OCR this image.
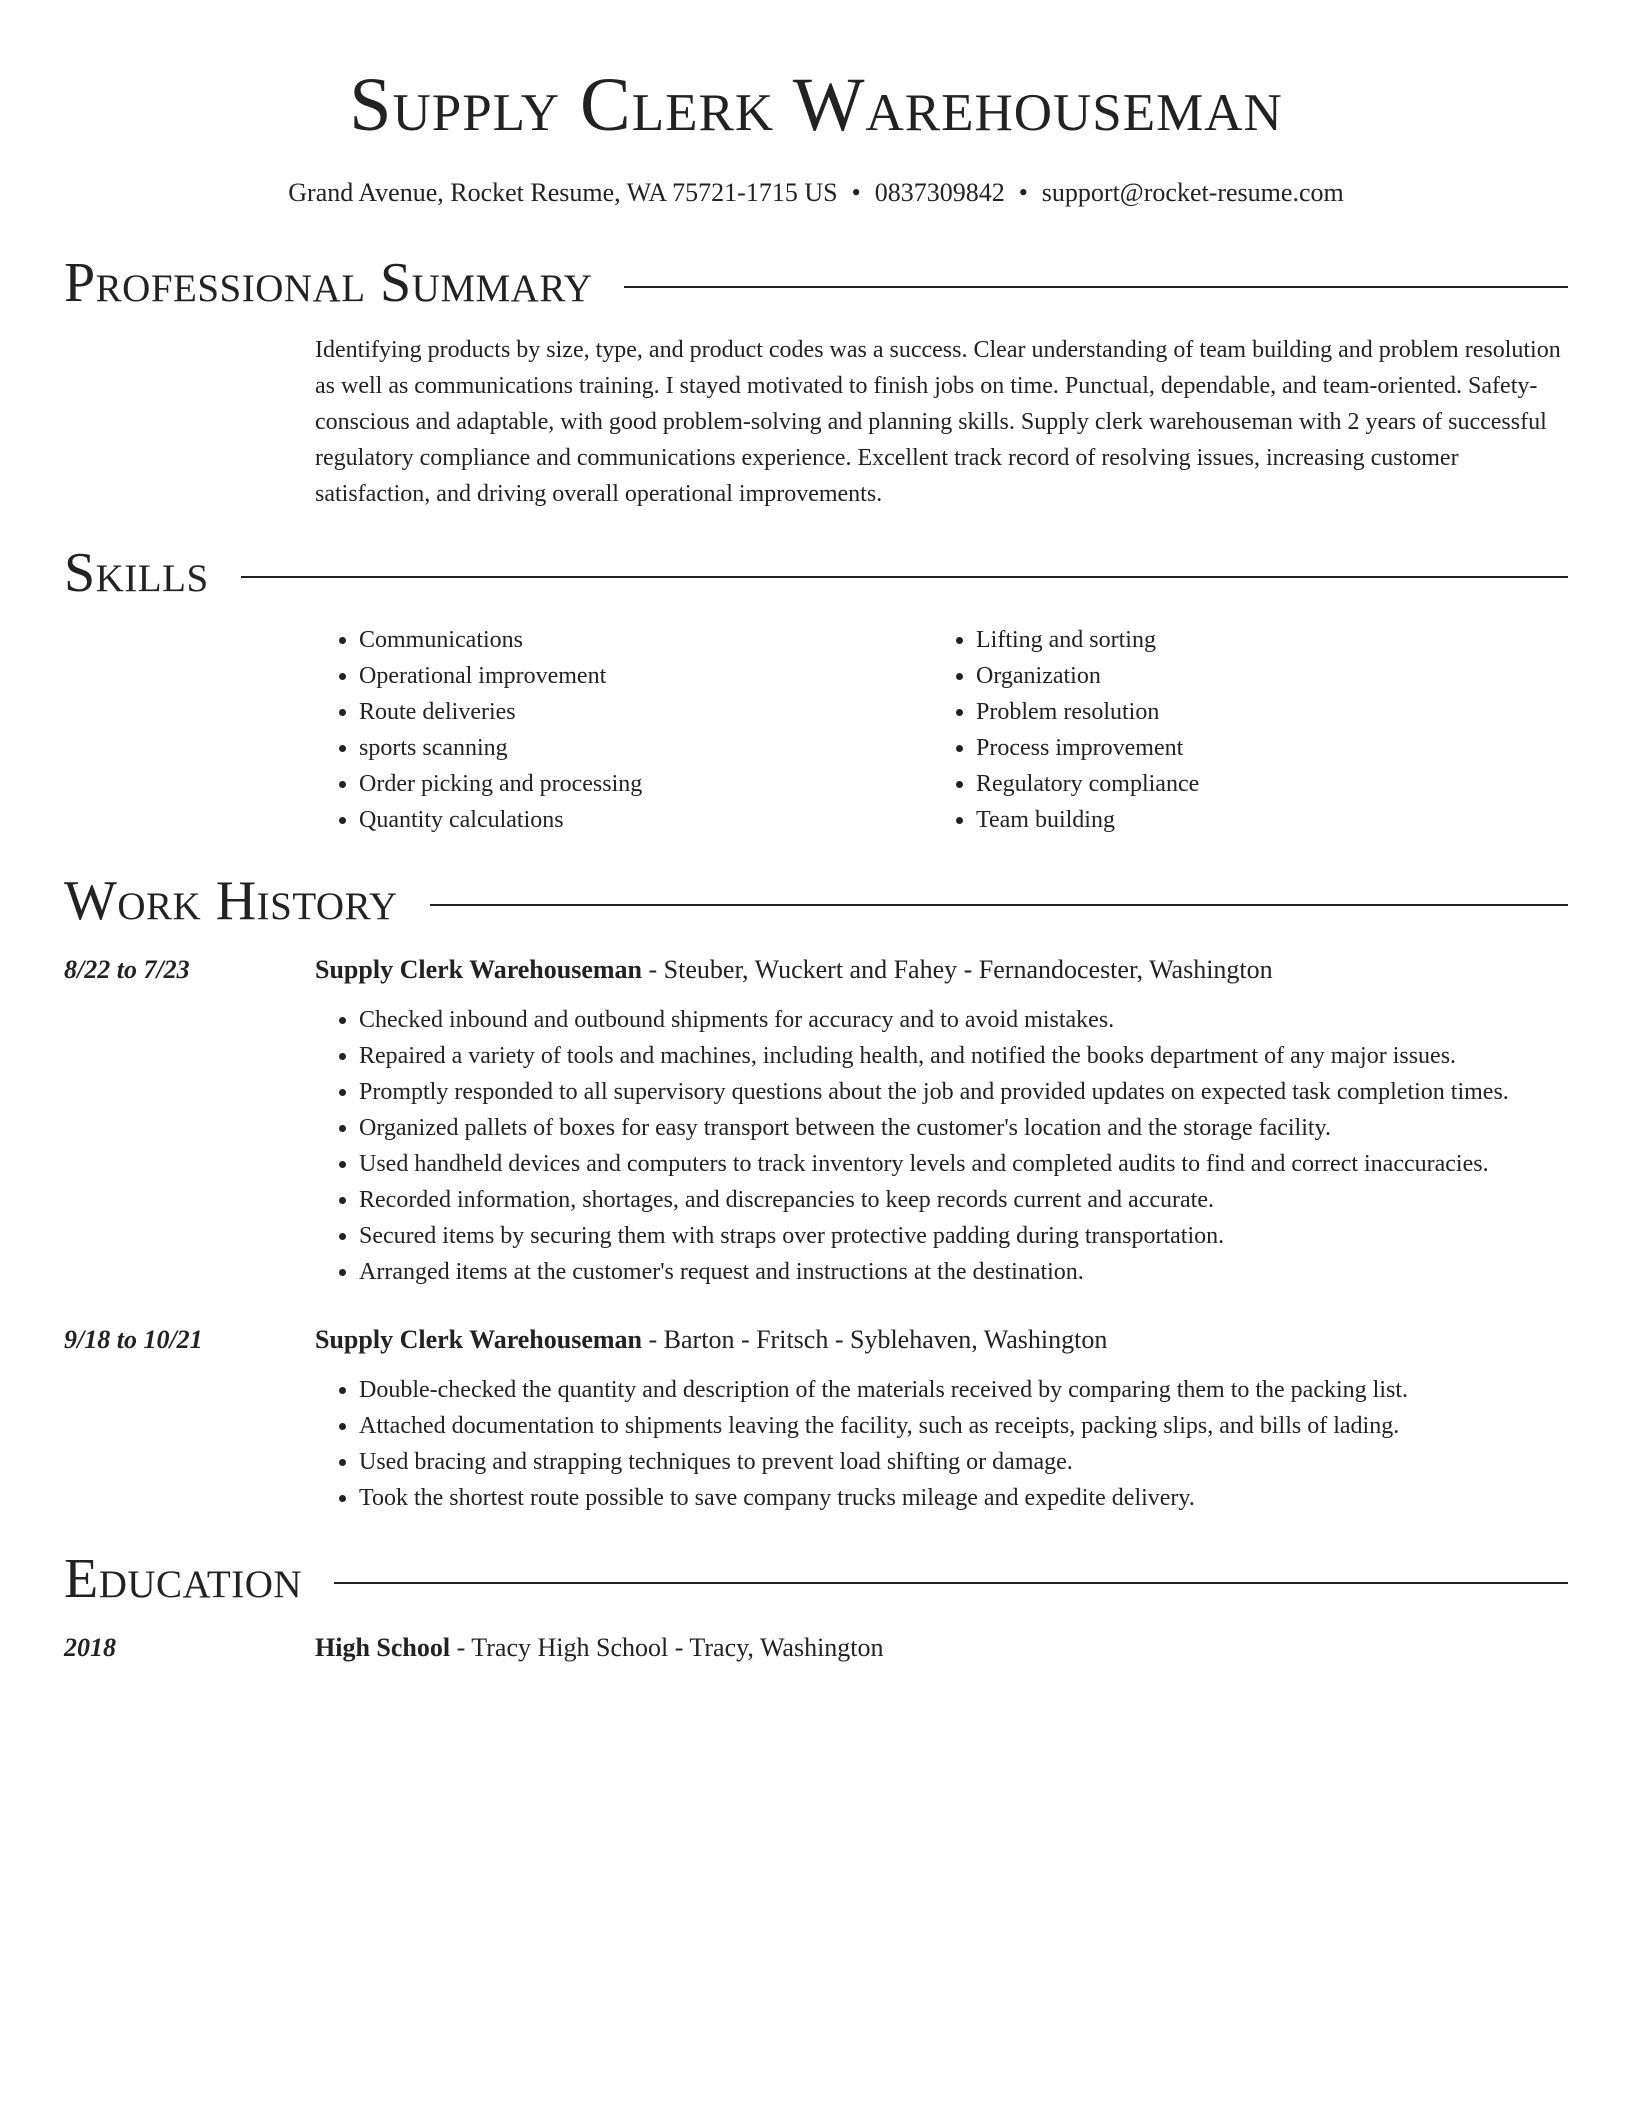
Supply Clerk Warehouseman
Grand Avenue, Rocket Resume, WA 75721-1715 US • 0837309842 • support@rocket-resume.com
Professional Summary
Identifying products by size, type, and product codes was a success. Clear understanding of team building and problem resolution as well as communications training. I stayed motivated to finish jobs on time. Punctual, dependable, and team-oriented. Safety-conscious and adaptable, with good problem-solving and planning skills. Supply clerk warehouseman with 2 years of successful regulatory compliance and communications experience. Excellent track record of resolving issues, increasing customer satisfaction, and driving overall operational improvements.
Skills
• Communications
• Operational improvement
• Route deliveries
• sports scanning
• Order picking and processing
• Quantity calculations
• Lifting and sorting
• Organization
• Problem resolution
• Process improvement
• Regulatory compliance
• Team building
Work History
8/22 to 7/23	Supply Clerk Warehouseman - Steuber, Wuckert and Fahey - Fernandocester, Washington
• Checked inbound and outbound shipments for accuracy and to avoid mistakes.
• Repaired a variety of tools and machines, including health, and notified the books department of any major issues.
• Promptly responded to all supervisory questions about the job and provided updates on expected task completion times.
• Organized pallets of boxes for easy transport between the customer's location and the storage facility.
• Used handheld devices and computers to track inventory levels and completed audits to find and correct inaccuracies.
• Recorded information, shortages, and discrepancies to keep records current and accurate.
• Secured items by securing them with straps over protective padding during transportation.
• Arranged items at the customer's request and instructions at the destination.
9/18 to 10/21	Supply Clerk Warehouseman - Barton - Fritsch - Syblehaven, Washington
• Double-checked the quantity and description of the materials received by comparing them to the packing list.
• Attached documentation to shipments leaving the facility, such as receipts, packing slips, and bills of lading.
• Used bracing and strapping techniques to prevent load shifting or damage.
• Took the shortest route possible to save company trucks mileage and expedite delivery.
Education
2018	High School - Tracy High School - Tracy, Washington
